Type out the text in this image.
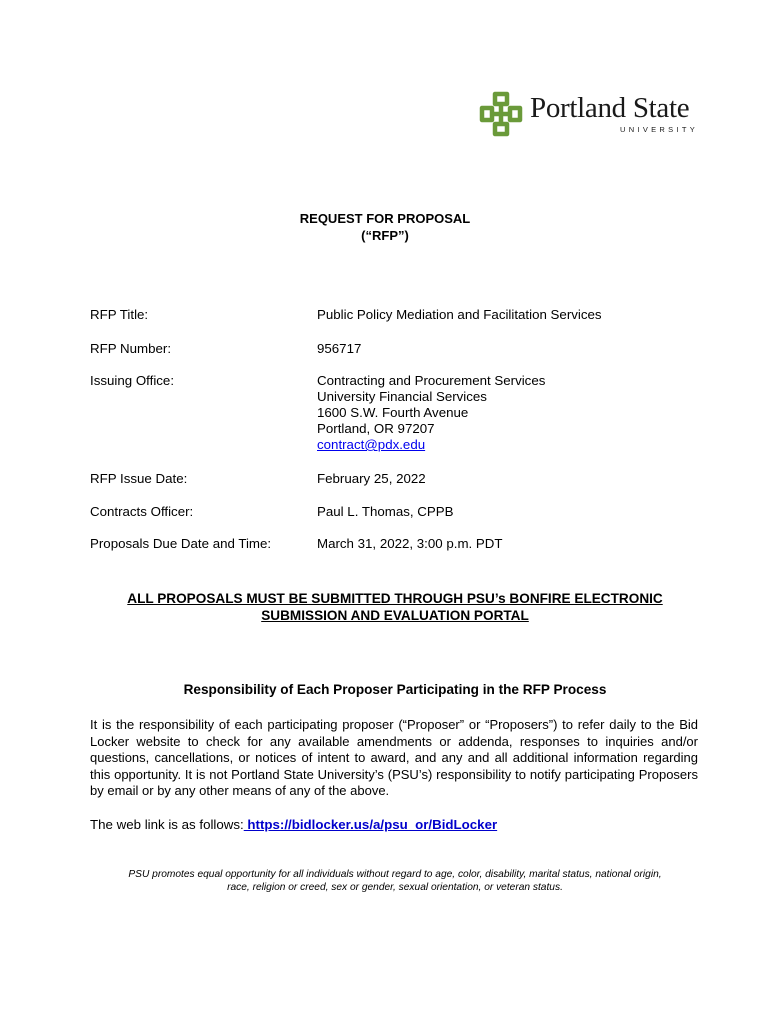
Portland State
UNIVERSITY
REQUEST FOR PROPOSAL
(“RFP”)
RFP Title:	Public Policy Mediation and Facilitation Services
RFP Number:	956717
Issuing Office:	Contracting and Procurement Services
University Financial Services
1600 S.W. Fourth Avenue
Portland, OR 97207
contract@pdx.edu
RFP Issue Date:	February 25, 2022
Contracts Officer:	Paul L. Thomas, CPPB
Proposals Due Date and Time:	March 31, 2022, 3:00 p.m. PDT
ALL PROPOSALS MUST BE SUBMITTED THROUGH PSU’s BONFIRE ELECTRONIC
SUBMISSION AND EVALUATION PORTAL
Responsibility of Each Proposer Participating in the RFP Process
It is the responsibility of each participating proposer (“Proposer” or “Proposers”) to refer daily to the Bid Locker website to check for any available amendments or addenda, responses to inquiries and/or questions, cancellations, or notices of intent to award, and any and all additional information regarding this opportunity. It is not Portland State University’s (PSU’s) responsibility to notify participating Proposers by email or by any other means of any of the above.
The web link is as follows: https://bidlocker.us/a/psu_or/BidLocker
PSU promotes equal opportunity for all individuals without regard to age, color, disability, marital status, national origin,
race, religion or creed, sex or gender, sexual orientation, or veteran status.
